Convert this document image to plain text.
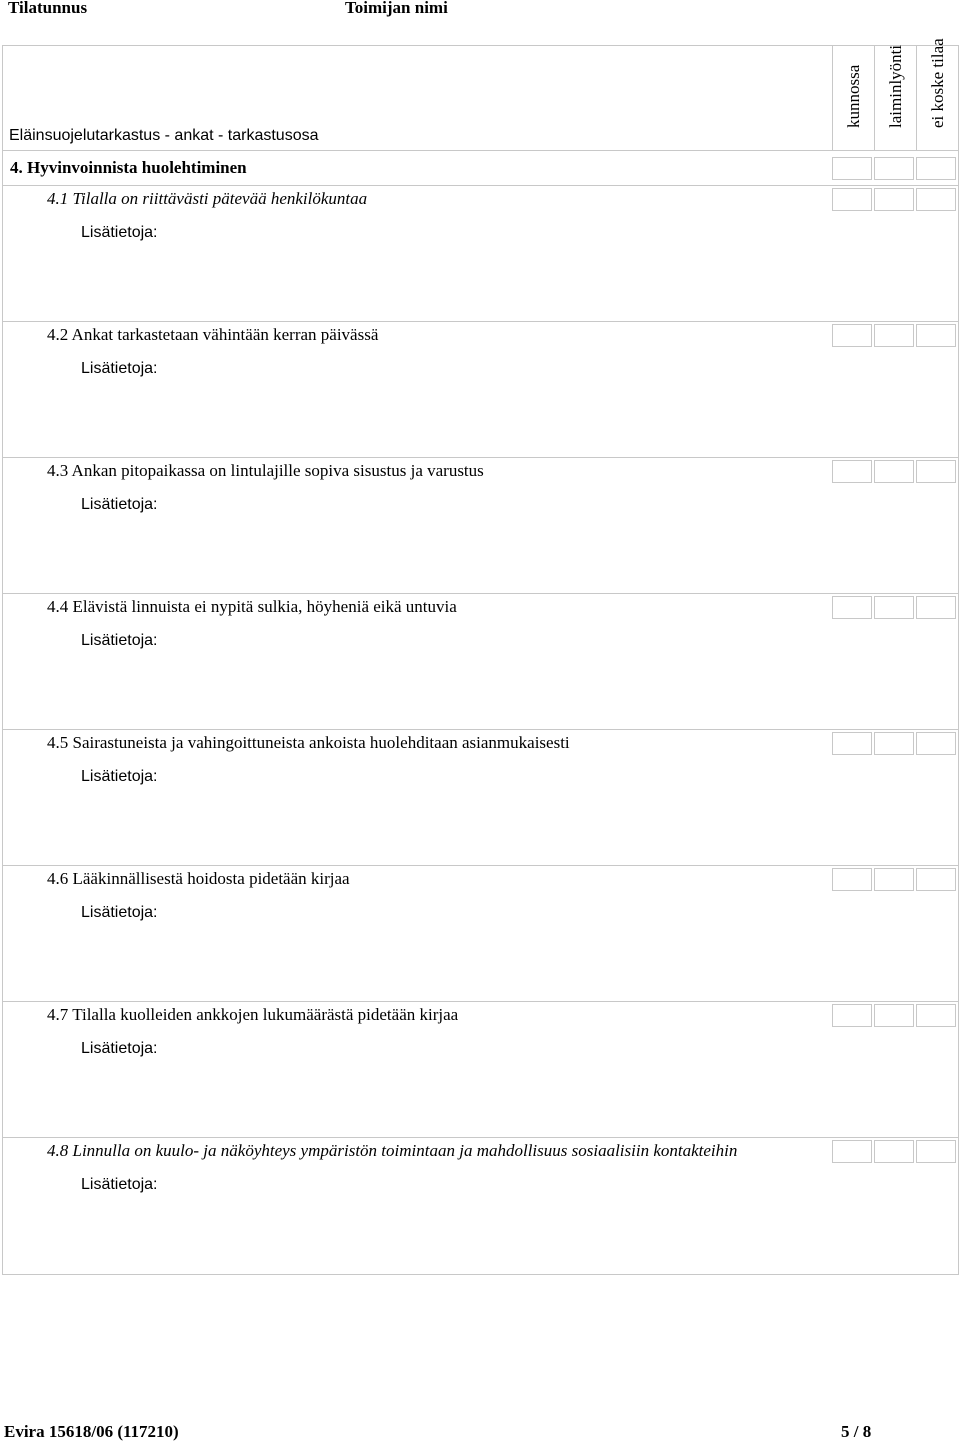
Tilatunnus	Toimijan nimi
kunnossa laiminlyönti ei koske tilaa
Eläinsuojelutarkastus - ankat - tarkastusosa
4. Hyvinvoinnista huolehtiminen
4.1 Tilalla on riittävästi pätevää henkilökuntaa
Lisätietoja:
4.2 Ankat tarkastetaan vähintään kerran päivässä
Lisätietoja:
4.3 Ankan pitopaikassa on lintulajille sopiva sisustus ja varustus
Lisätietoja:
4.4 Elävistä linnuista ei nypitä sulkia, höyheniä eikä untuvia
Lisätietoja:
4.5 Sairastuneista ja vahingoittuneista ankoista huolehditaan asianmukaisesti
Lisätietoja:
4.6 Lääkinnällisestä hoidosta pidetään kirjaa
Lisätietoja:
4.7 Tilalla kuolleiden ankkojen lukumäärästä pidetään kirjaa
Lisätietoja:
4.8 Linnulla on kuulo- ja näköyhteys ympäristön toimintaan ja mahdollisuus sosiaalisiin kontakteihin
Lisätietoja:
Evira 15618/06 (117210)	5 / 8
